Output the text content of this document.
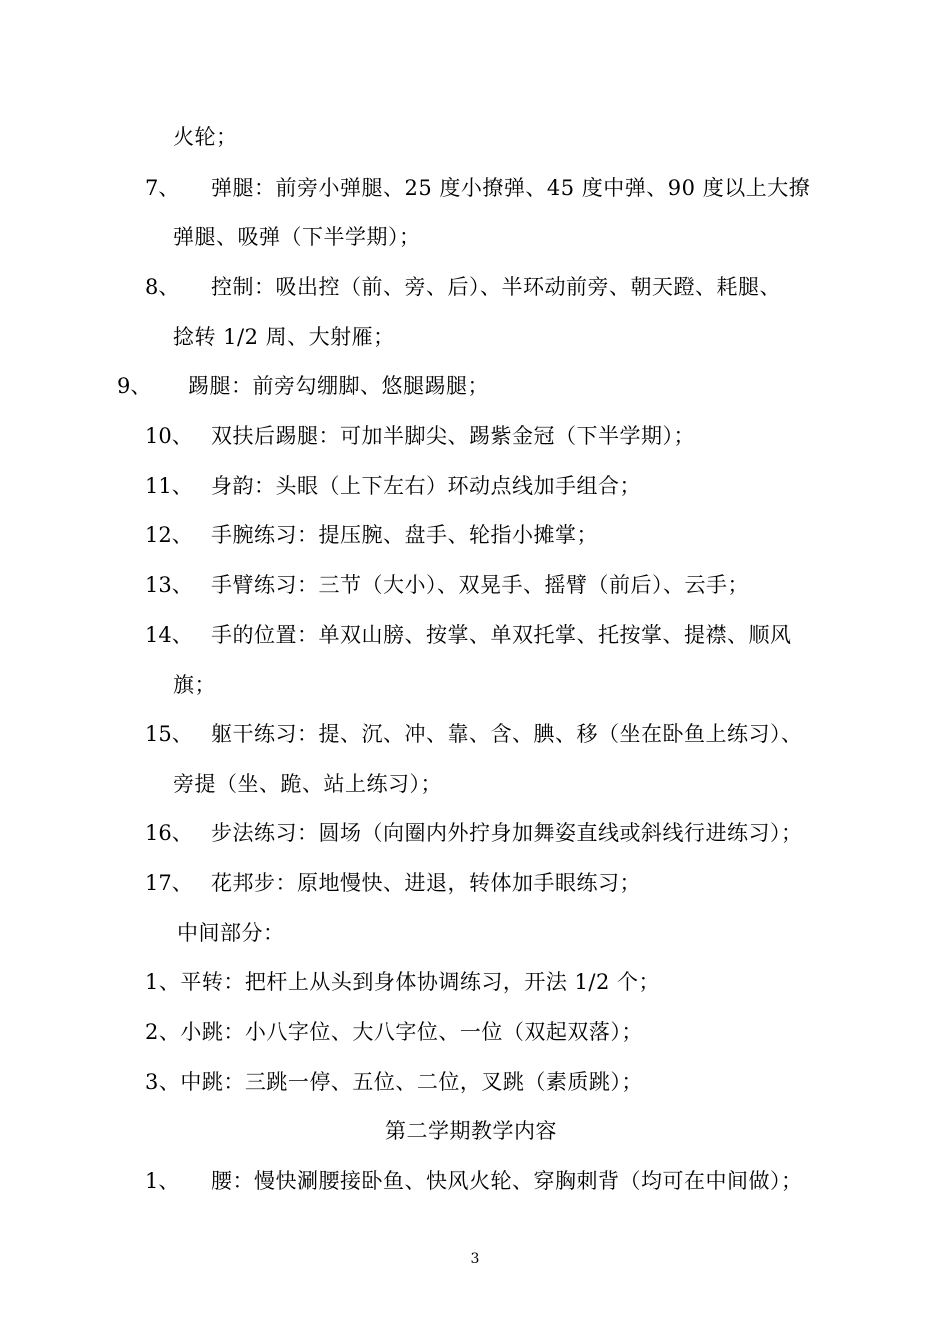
火轮；
7、 弹腿：前旁小弹腿、25 度小撩弹、45 度中弹、90 度以上大撩
弹腿、吸弹（下半学期）；
8、 控制：吸出控（前、旁、后）、半环动前旁、朝天蹬、耗腿、
捻转 1/2 周、大射雁；
9、 踢腿：前旁勾绷脚、悠腿踢腿；
10、 双扶后踢腿：可加半脚尖、踢紫金冠（下半学期）；
11、 身韵：头眼（上下左右）环动点线加手组合；
12、 手腕练习：提压腕、盘手、轮指小摊掌；
13、 手臂练习：三节（大小）、双晃手、摇臂（前后）、云手；
14、 手的位置：单双山膀、按掌、单双托掌、托按掌、提襟、顺风
旗；
15、 躯干练习：提、沉、冲、靠、含、腆、移（坐在卧鱼上练习）、
旁提（坐、跪、站上练习）；
16、 步法练习：圆场（向圈内外拧身加舞姿直线或斜线行进练习）；
17、 花邦步：原地慢快、进退，转体加手眼练习；
中间部分：
1、平转：把杆上从头到身体协调练习，开法 1/2 个；
2、小跳：小八字位、大八字位、一位（双起双落）；
3、中跳：三跳一停、五位、二位，叉跳（素质跳）；
第二学期教学内容
1、 腰：慢快涮腰接卧鱼、快风火轮、穿胸刺背（均可在中间做）；
3
